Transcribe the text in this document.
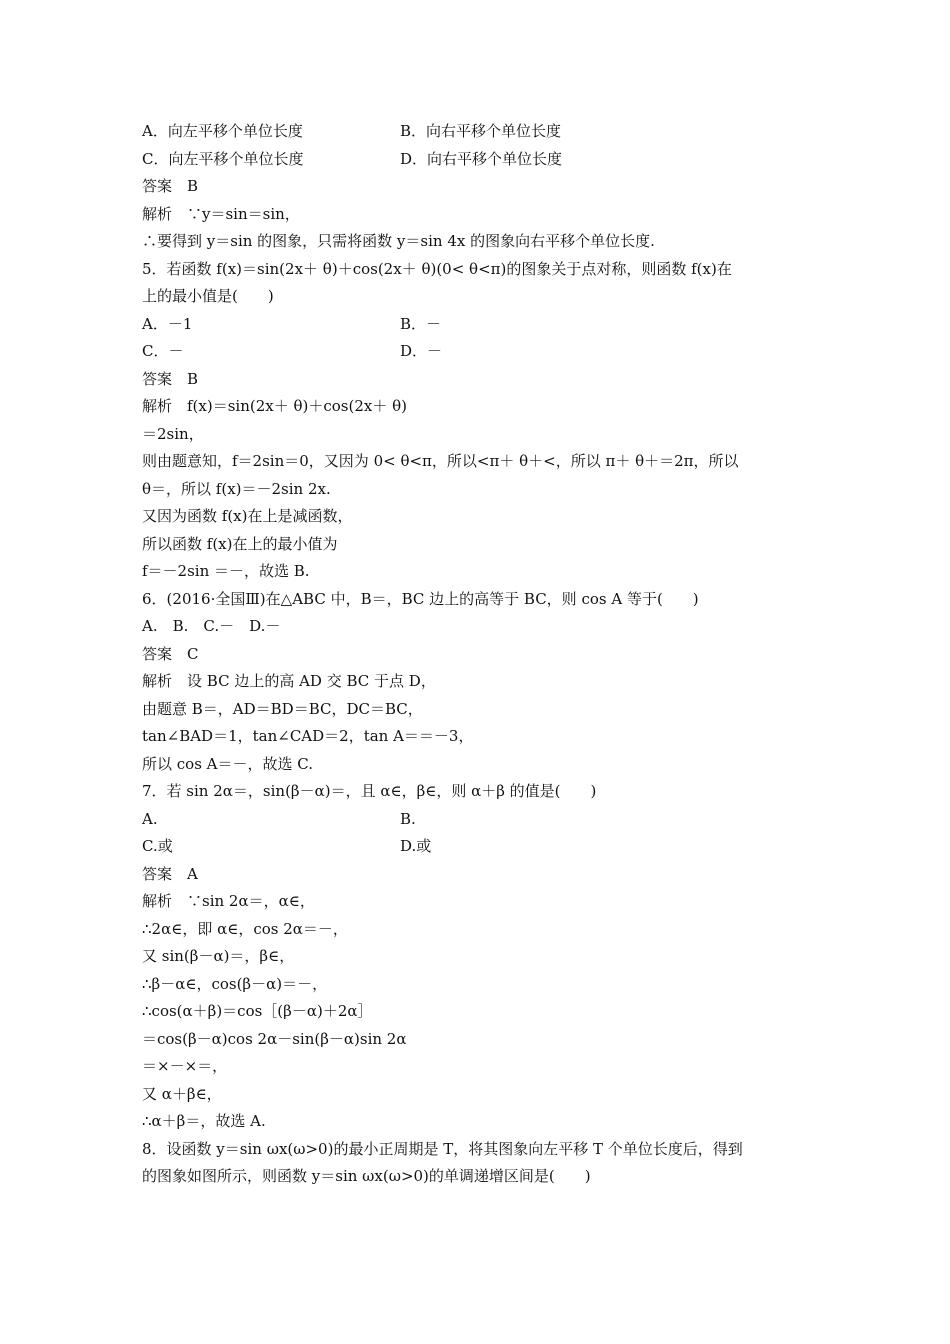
A．向左平移个单位长度	B．向右平移个单位长度
C．向左平移个单位长度	D．向右平移个单位长度
答案　B
解析　∵y＝sin＝sin，
∴要得到 y＝sin 的图象，只需将函数 y＝sin 4x 的图象向右平移个单位长度.
5．若函数 f(x)＝sin(2x＋ θ)＋cos(2x＋ θ)(0< θ<π)的图象关于点对称，则函数 f(x)在
上的最小值是(　　)
A．－1	B．－
C．－	D．－
答案　B
解析　f(x)＝sin(2x＋ θ)＋cos(2x＋ θ)
＝2sin，
则由题意知，f＝2sin＝0，又因为 0< θ<π，所以<π＋ θ＋<，所以 π＋ θ＋＝2π，所以
θ＝，所以 f(x)＝－2sin 2x.
又因为函数 f(x)在上是减函数，
所以函数 f(x)在上的最小值为
f＝－2sin ＝－，故选 B.
6．(2016·全国Ⅲ)在△ABC 中，B＝，BC 边上的高等于 BC，则 cos A 等于(　　)
A.　B.　C.－　D.－
答案　C
解析　设 BC 边上的高 AD 交 BC 于点 D，
由题意 B＝，AD＝BD＝BC，DC＝BC，
tan∠BAD＝1，tan∠CAD＝2，tan A＝＝－3，
所以 cos A＝－，故选 C.
7．若 sin 2α＝，sin(β－α)＝，且 α∈，β∈，则 α＋β 的值是(　　)
A.	B.
C.或	D.或
答案　A
解析　∵sin 2α＝，α∈，
∴2α∈，即 α∈，cos 2α＝－，
又 sin(β－α)＝，β∈，
∴β－α∈，cos(β－α)＝－，
∴cos(α＋β)＝cos［(β－α)＋2α］
＝cos(β－α)cos 2α－sin(β－α)sin 2α
＝×－×＝，
又 α＋β∈，
∴α＋β＝，故选 A.
8．设函数 y＝sin ωx(ω>0)的最小正周期是 T，将其图象向左平移 T 个单位长度后，得到
的图象如图所示，则函数 y＝sin ωx(ω>0)的单调递增区间是(　　)
